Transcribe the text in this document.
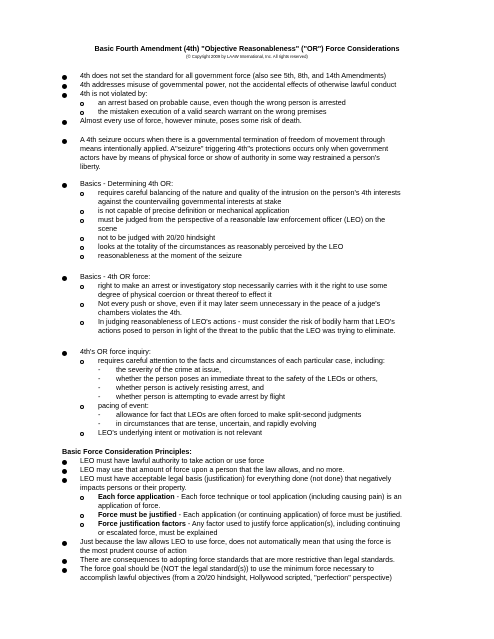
Basic Fourth Amendment (4th) "Objective Reasonableness" ("OR") Force Considerations
(© Copyright 2009 by LAAW International, Inc. All rights reserved)
4th does not set the standard for all government force (also see 5th, 8th, and 14th Amendments)
4th addresses misuse of governmental power, not the accidental effects of otherwise lawful conduct
4th is not violated by:
an arrest based on probable cause, even though the wrong person is arrested
the mistaken execution of a valid search warrant on the wrong premises
Almost every use of force, however minute, poses some risk of death.
A 4th seizure occurs when there is a governmental termination of freedom of movement through
means intentionally applied. A"seizure" triggering 4th"s protections occurs only when government
actors have by means of physical force or show of authority in some way restrained a person's
liberty.
Basics - Determining 4th OR:
requires careful balancing of the nature and quality of the intrusion on the person's 4th interests
against the countervailing governmental interests at stake
is not capable of precise definition or mechanical application
must be judged from the perspective of a reasonable law enforcement officer (LEO) on the
scene
not to be judged with 20/20 hindsight
looks at the totality of the circumstances as reasonably perceived by the LEO
reasonableness at the moment of the seizure
Basics - 4th OR force:
right to make an arrest or investigatory stop necessarily carries with it the right to use some
degree of physical coercion or threat thereof to effect it
Not every push or shove, even if it may later seem unnecessary in the peace of a judge's
chambers violates the 4th.
In judging reasonableness of LEO's actions - must consider the risk of bodily harm that LEO's
actions posed to person in light of the threat to the public that the LEO was trying to eliminate.
4th's OR force inquiry:
requires careful attention to the facts and circumstances of each particular case, including:
- the severity of the crime at issue,
- whether the person poses an immediate threat to the safety of the LEOs or others,
- whether person is actively resisting arrest, and
- whether person is attempting to evade arrest by flight
pacing of event:
- allowance for fact that LEOs are often forced to make split-second judgments
- in circumstances that are tense, uncertain, and rapidly evolving
LEO's underlying intent or motivation is not relevant
Basic Force Consideration Principles:
LEO must have lawful authority to take action or use force
LEO may use that amount of force upon a person that the law allows, and no more.
LEO must have acceptable legal basis (justification) for everything done (not done) that negatively
impacts persons or their property.
Each force application - Each force technique or tool application (including causing pain) is an
application of force.
Force must be justified - Each application (or continuing application) of force must be justified.
Force justification factors - Any factor used to justify force application(s), including continuing
or escalated force, must be explained
Just because the law allows LEO to use force, does not automatically mean that using the force is
the most prudent course of action
There are consequences to adopting force standards that are more restrictive than legal standards.
The force goal should be (NOT the legal standard(s)) to use the minimum force necessary to
accomplish lawful objectives (from a 20/20 hindsight, Hollywood scripted, "perfection" perspective)
